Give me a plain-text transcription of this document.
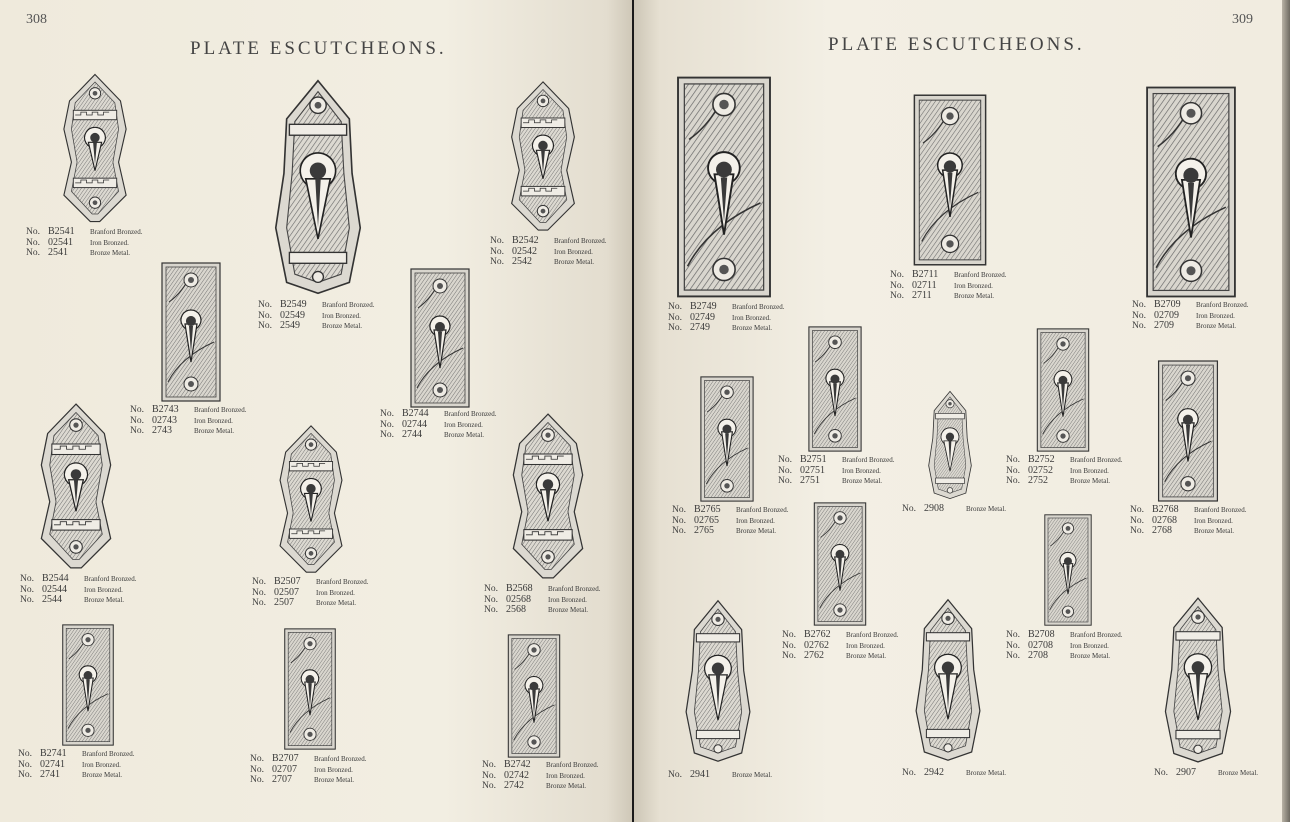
308
PLATE ESCUTCHEONS.
No. B2541	Branford Bronzed.
No. 02541	Iron Bronzed.
No. 2541	Bronze Metal.
No. B2549	Branford Bronzed.
No. 02549	Iron Bronzed.
No. 2549	Bronze Metal.
No. B2542	Branford Bronzed.
No. 02542	Iron Bronzed.
No. 2542	Bronze Metal.
No. B2743	Branford Bronzed.
No. 02743	Iron Bronzed.
No. 2743	Bronze Metal.
No. B2744	Branford Bronzed.
No. 02744	Iron Bronzed.
No. 2744	Bronze Metal.
No. B2544	Branford Bronzed.
No. 02544	Iron Bronzed.
No. 2544	Bronze Metal.
No. B2507	Branford Bronzed.
No. 02507	Iron Bronzed.
No. 2507	Bronze Metal.
No. B2568	Branford Bronzed.
No. 02568	Iron Bronzed.
No. 2568	Bronze Metal.
No. B2741	Branford Bronzed.
No. 02741	Iron Bronzed.
No. 2741	Bronze Metal.
No. B2707	Branford Bronzed.
No. 02707	Iron Bronzed.
No. 2707	Bronze Metal.
No. B2742	Branford Bronzed.
No. 02742	Iron Bronzed.
No. 2742	Bronze Metal.
309
PLATE ESCUTCHEONS.
No. B2749	Branford Bronzed.
No. 02749	Iron Bronzed.
No. 2749	Bronze Metal.
No. B2711	Branford Bronzed.
No. 02711	Iron Bronzed.
No. 2711	Bronze Metal.
No. B2709	Branford Bronzed.
No. 02709	Iron Bronzed.
No. 2709	Bronze Metal.
No. B2765	Branford Bronzed.
No. 02765	Iron Bronzed.
No. 2765	Bronze Metal.
No. B2751	Branford Bronzed.
No. 02751	Iron Bronzed.
No. 2751	Bronze Metal.
No. 2908	Bronze Metal.
No. B2752	Branford Bronzed.
No. 02752	Iron Bronzed.
No. 2752	Bronze Metal.
No. B2768	Branford Bronzed.
No. 02768	Iron Bronzed.
No. 2768	Bronze Metal.
No. B2762	Branford Bronzed.
No. 02762	Iron Bronzed.
No. 2762	Bronze Metal.
No. B2708	Branford Bronzed.
No. 02708	Iron Bronzed.
No. 2708	Bronze Metal.
No. 2941	Bronze Metal.	No. 2942	Bronze Metal.	No. 2907	Bronze Metal.
